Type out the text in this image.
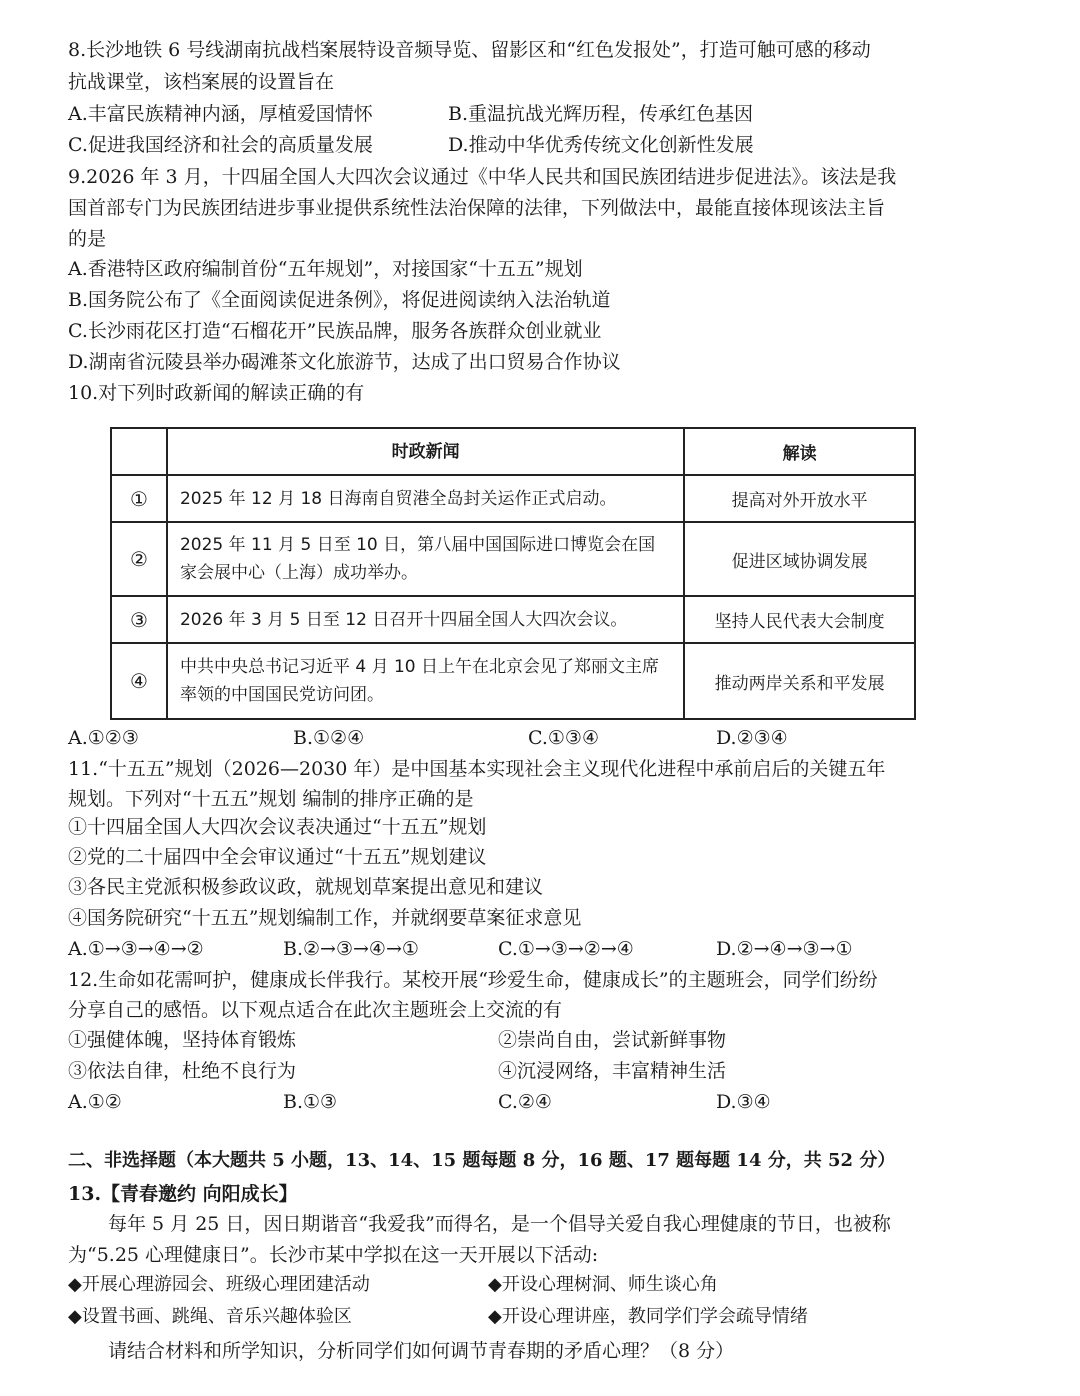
8.长沙地铁 6 号线湖南抗战档案展特设音频导览、留影区和“红色发报处”，打造可触可感的移动
抗战课堂，该档案展的设置旨在
A.丰富民族精神内涵，厚植爱国情怀	B.重温抗战光辉历程，传承红色基因
C.促进我国经济和社会的高质量发展	D.推动中华优秀传统文化创新性发展
9.2026 年 3 月，十四届全国人大四次会议通过《中华人民共和国民族团结进步促进法》。该法是我
国首部专门为民族团结进步事业提供系统性法治保障的法律，下列做法中，最能直接体现该法主旨
的是
A.香港特区政府编制首份“五年规划”，对接国家“十五五”规划
B.国务院公布了《全面阅读促进条例》，将促进阅读纳入法治轨道
C.长沙雨花区打造“石榴花开”民族品牌，服务各族群众创业就业
D.湖南省沅陵县举办碣滩茶文化旅游节，达成了出口贸易合作协议
10.对下列时政新闻的解读正确的有
	时政新闻	解读
①	2025 年 12 月 18 日海南自贸港全岛封关运作正式启动。	提高对外开放水平
②	2025 年 11 月 5 日至 10 日，第八届中国国际进口博览会在国家会展中心（上海）成功举办。	促进区域协调发展
③	2026 年 3 月 5 日至 12 日召开十四届全国人大四次会议。	坚持人民代表大会制度
④	中共中央总书记习近平 4 月 10 日上午在北京会见了郑丽文主席率领的中国国民党访问团。	推动两岸关系和平发展
A.①②③	B.①②④	C.①③④	D.②③④
11.“十五五”规划（2026—2030 年）是中国基本实现社会主义现代化进程中承前启后的关键五年
规划。下列对“十五五”规划 编制的排序正确的是
①十四届全国人大四次会议表决通过“十五五”规划
②党的二十届四中全会审议通过“十五五”规划建议
③各民主党派积极参政议政，就规划草案提出意见和建议
④国务院研究“十五五”规划编制工作，并就纲要草案征求意见
A.①→③→④→②	B.②→③→④→①	C.①→③→②→④	D.②→④→③→①
12.生命如花需呵护，健康成长伴我行。某校开展“珍爱生命，健康成长”的主题班会，同学们纷纷
分享自己的感悟。以下观点适合在此次主题班会上交流的有
①强健体魄，坚持体育锻炼	②崇尚自由，尝试新鲜事物
③依法自律，杜绝不良行为	④沉浸网络，丰富精神生活
A.①②	B.①③	C.②④	D.③④
二、非选择题（本大题共 5 小题，13、14、15 题每题 8 分，16 题、17 题每题 14 分，共 52 分）
13.【青春邀约 向阳成长】
每年 5 月 25 日，因日期谐音“我爱我”而得名，是一个倡导关爱自我心理健康的节日，也被称
为“5.25 心理健康日”。长沙市某中学拟在这一天开展以下活动:
◆开展心理游园会、班级心理团建活动	◆开设心理树洞、师生谈心角
◆设置书画、跳绳、音乐兴趣体验区	◆开设心理讲座，教同学们学会疏导情绪
请结合材料和所学知识，分析同学们如何调节青春期的矛盾心理？（8 分）
